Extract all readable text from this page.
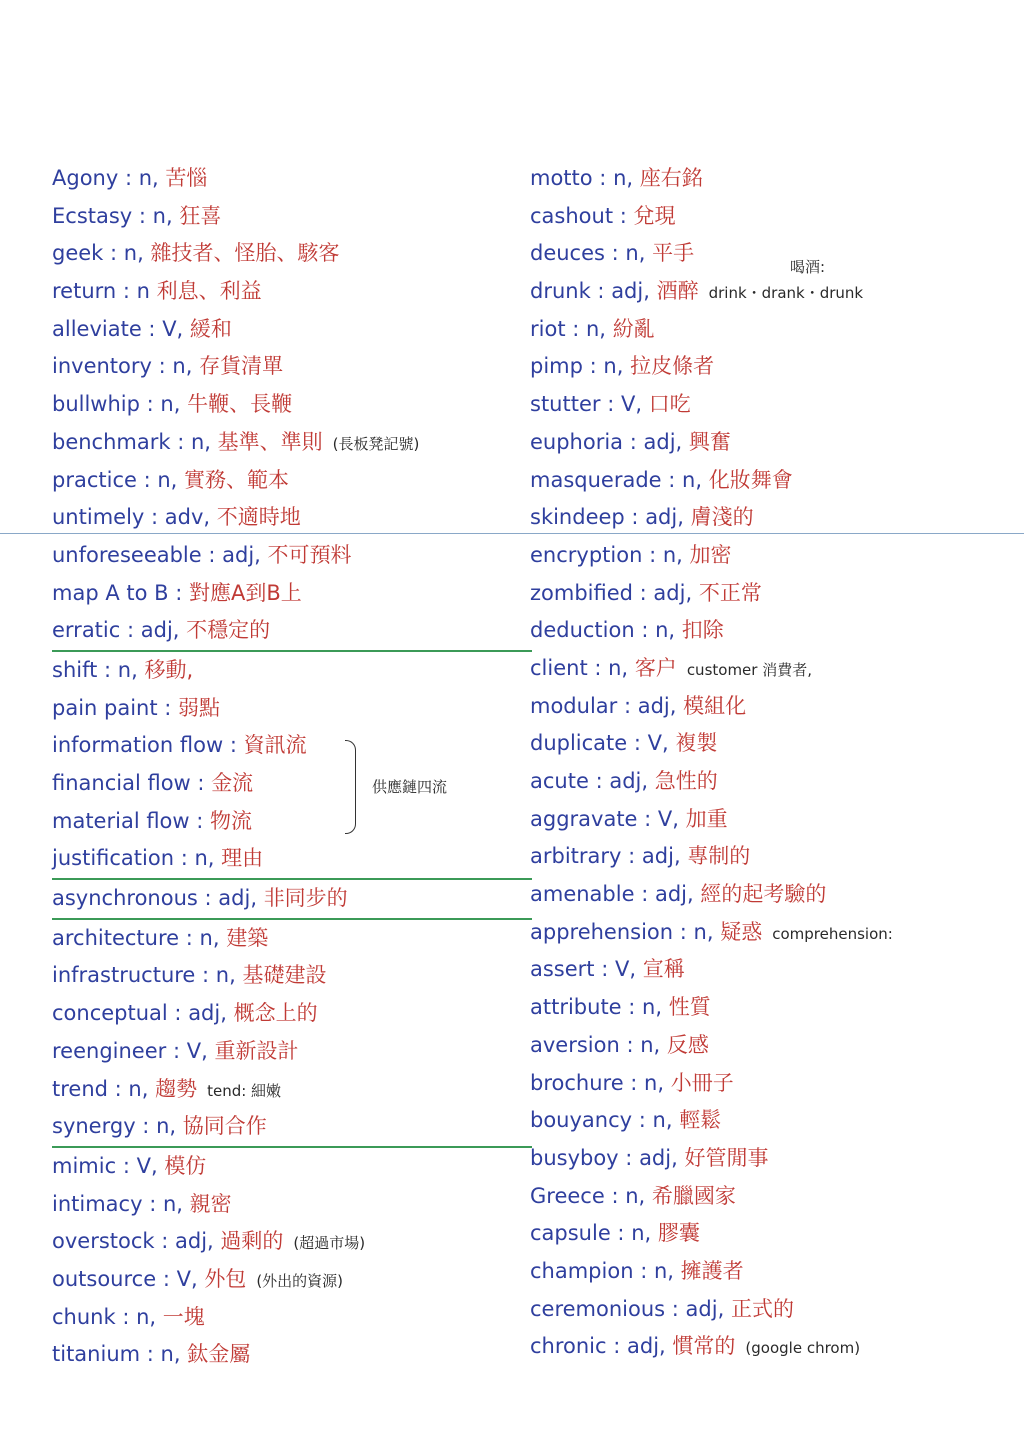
Agony : n, 苦惱
Ecstasy : n, 狂喜
geek : n, 雜技者、怪胎、駭客
return : n 利息、利益
alleviate : V, 緩和
inventory : n, 存貨清單
bullwhip : n, 牛鞭、長鞭
benchmark : n, 基準、準則 (長板凳記號)
practice : n, 實務、範本
untimely : adv, 不適時地
unforeseeable : adj, 不可預料
map A to B : 對應A到B上
erratic : adj, 不穩定的
shift : n, 移動,
pain paint : 弱點
information flow : 資訊流
financial flow : 金流
material flow : 物流
justification : n, 理由
asynchronous : adj, 非同步的
architecture : n, 建築
infrastructure : n, 基礎建設
conceptual : adj, 概念上的
reengineer : V, 重新設計
trend : n, 趨勢 tend: 細嫩
synergy : n, 協同合作
mimic : V, 模仿
intimacy : n, 親密
overstock : adj, 過剩的 (超過市場)
outsource : V, 外包 (外出的資源)
chunk : n, 一塊
titanium : n, 鈦金屬
motto : n, 座右銘
cashout : 兌現
deuces : n, 平手
drunk : adj, 酒醉 drink・drank・drunk
riot : n, 紛亂
pimp : n, 拉皮條者
stutter : V, 口吃
euphoria : adj, 興奮
masquerade : n, 化妝舞會
skindeep : adj, 膚淺的
encryption : n, 加密
zombified : adj, 不正常
deduction : n, 扣除
client : n, 客户 customer 消費者,
modular : adj, 模組化
duplicate : V, 複製
acute : adj, 急性的
aggravate : V, 加重
arbitrary : adj, 專制的
amenable : adj, 經的起考驗的
apprehension : n, 疑惑 comprehension:
assert : V, 宣稱
attribute : n, 性質
aversion : n, 反感
brochure : n, 小冊子
bouyancy : n, 輕鬆
busyboy : adj, 好管閒事
Greece : n, 希臘國家
capsule : n, 膠囊
champion : n, 擁護者
ceremonious : adj, 正式的
chronic : adj, 慣常的 (google chrom)
喝酒:
供應鏈四流
